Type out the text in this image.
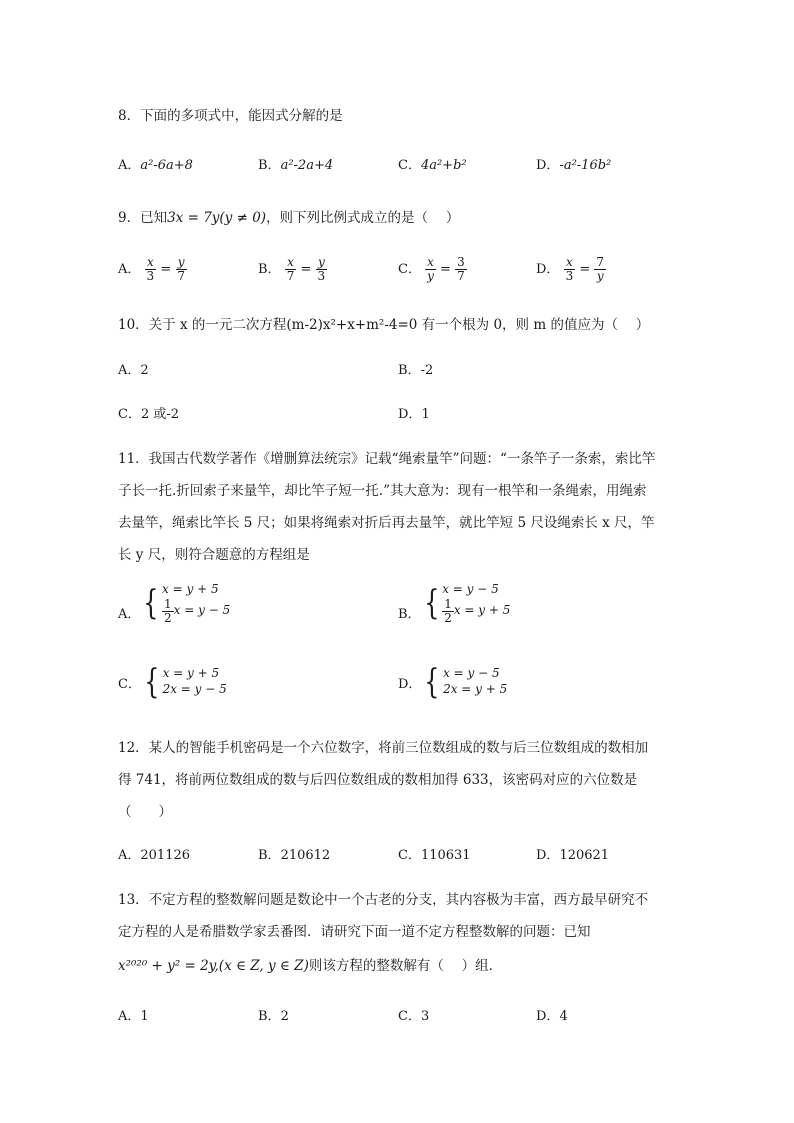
8．下面的多项式中，能因式分解的是
A．a²-6a+8	B．a²-2a+4	C．4a²+b²	D．-a²-16b²
9．已知3x = 7y(y ≠ 0)，则下列比例式成立的是（　 ）
A． $\frac{x}{3} = \frac{y}{7}$	B． $\frac{x}{7} = \frac{y}{3}$	C． $\frac{x}{y} = \frac{3}{7}$	D． $\frac{x}{3} = \frac{7}{y}$
10．关于 x 的一元二次方程(m-2)x²+x+m²-4=0 有一个根为 0，则 m 的值应为（　 ）
A．2	B．-2
C．2 或-2	D．1
11．我国古代数学著作《增删算法统宗》记载“绳索量竿”问题：“一条竿子一条索，索比竿
子长一托.折回索子来量竿，却比竿子短一托.”其大意为：现有一根竿和一条绳索，用绳索
去量竿，绳索比竿长 5 尺；如果将绳索对折后再去量竿，就比竿短 5 尺设绳索长 x 尺，竿
长 y 尺，则符合题意的方程组是
A． { x = y + 5
$\frac{1}{2}$ x = y − 5	B． { x = y − 5
$\frac{1}{2}$ x = y + 5
C． { x = y + 5
2x = y − 5	D． { x = y − 5
2x = y + 5
12．某人的智能手机密码是一个六位数字，将前三位数组成的数与后三位数组成的数相加
得 741，将前两位数组成的数与后四位数组成的数相加得 633，该密码对应的六位数是
（　　）
A．201126	B．210612	C．110631	D．120621
13．不定方程的整数解问题是数论中一个古老的分支，其内容极为丰富，西方最早研究不
定方程的人是希腊数学家丢番图．请研究下面一道不定方程整数解的问题：已知
x²⁰²⁰ + y² = 2y,(x ∈ Z, y ∈ Z)则该方程的整数解有（　 ）组．
A．1	B．2	C．3	D．4
